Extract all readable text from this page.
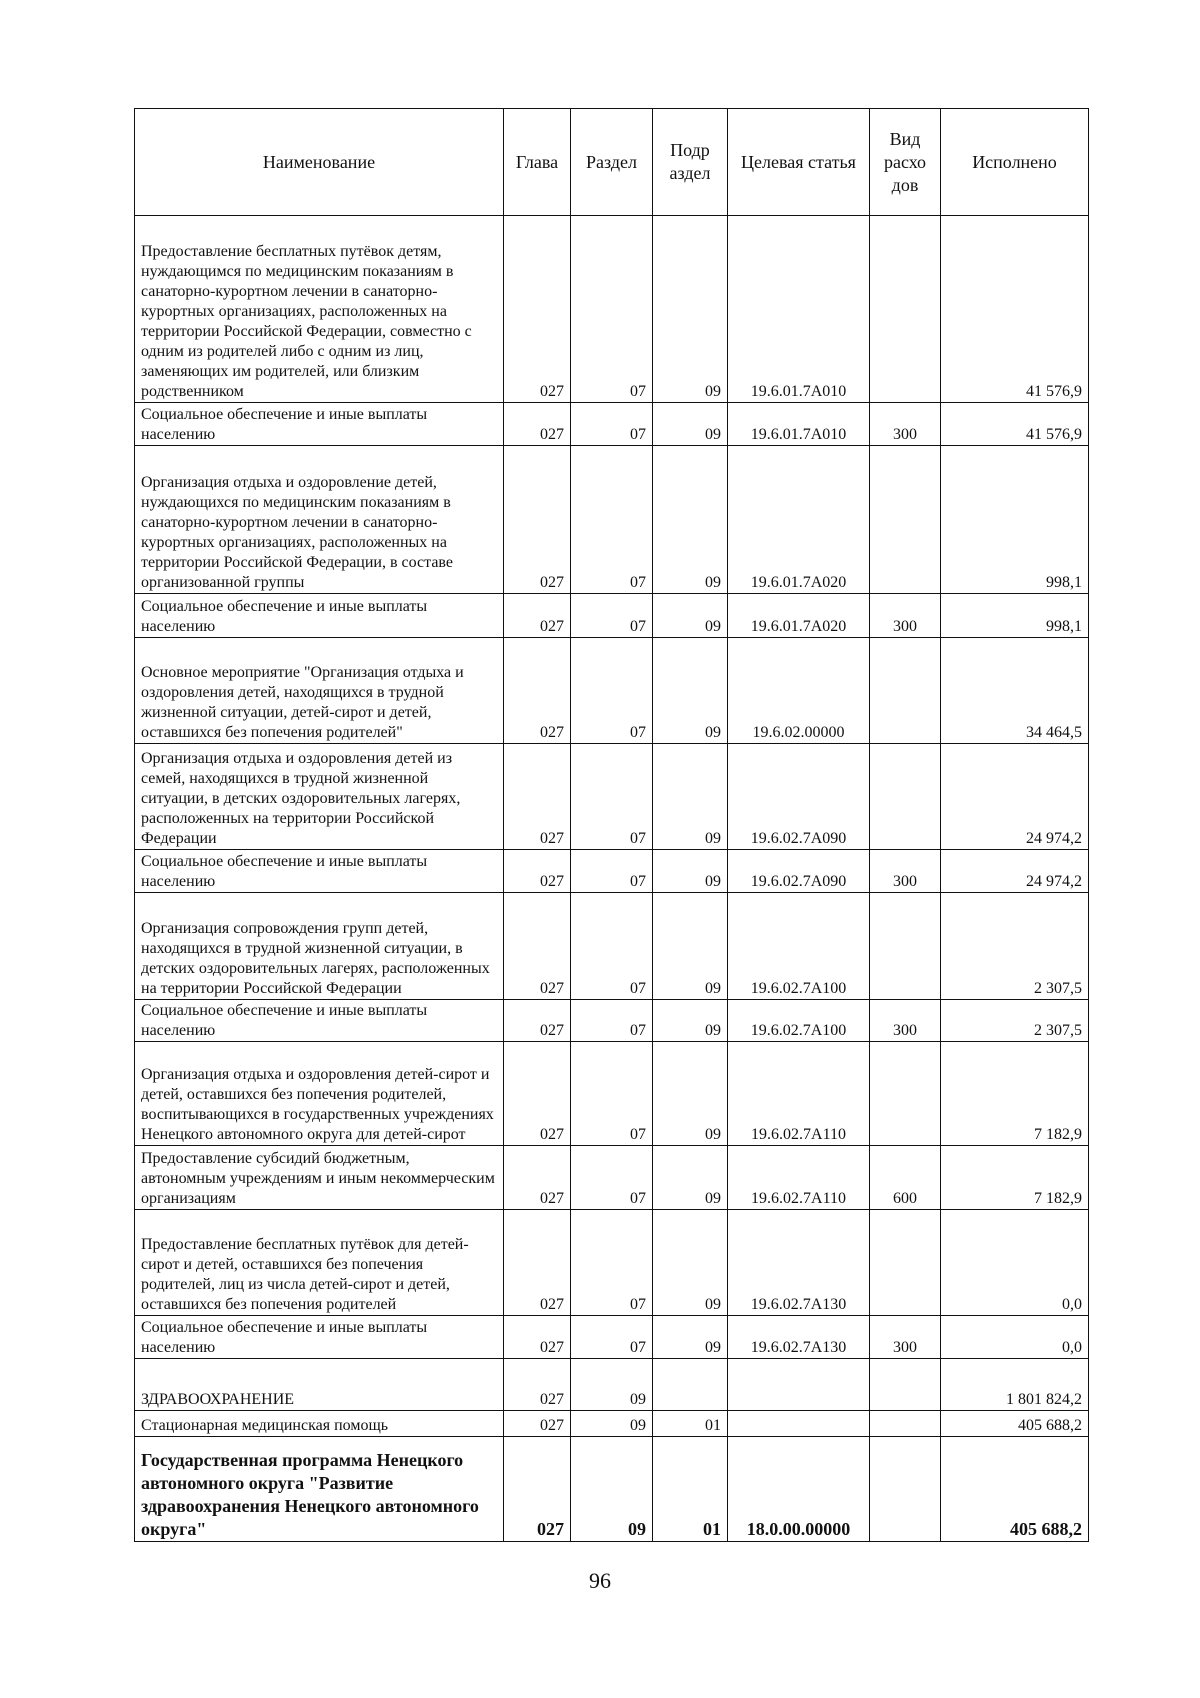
Наименование	Глава	Раздел	Подр аздел	Целевая статья	Вид расхо дов	Исполнено
Предоставление бесплатных путёвок детям, нуждающимся по медицинским показаниям в санаторно-курортном лечении в санаторно-курортных организациях, расположенных на территории Российской Федерации, совместно с одним из родителей либо с одним из лиц, заменяющих им родителей, или близким родственником	027	07	09	19.6.01.7А010		41 576,9
Социальное обеспечение и иные выплаты населению	027	07	09	19.6.01.7А010	300	41 576,9
Организация отдыха и оздоровление детей, нуждающихся по медицинским показаниям в санаторно-курортном лечении в санаторно-курортных организациях, расположенных на территории Российской Федерации, в составе организованной группы	027	07	09	19.6.01.7А020		998,1
Социальное обеспечение и иные выплаты населению	027	07	09	19.6.01.7А020	300	998,1
Основное мероприятие "Организация отдыха и оздоровления детей, находящихся в трудной жизненной ситуации, детей-сирот и детей, оставшихся без попечения родителей"	027	07	09	19.6.02.00000		34 464,5
Организация отдыха и оздоровления детей из семей, находящихся в трудной жизненной ситуации, в детских оздоровительных лагерях, расположенных на территории Российской Федерации	027	07	09	19.6.02.7А090		24 974,2
Социальное обеспечение и иные выплаты населению	027	07	09	19.6.02.7А090	300	24 974,2
Организация сопровождения групп детей, находящихся в трудной жизненной ситуации, в детских оздоровительных лагерях, расположенных на территории Российской Федерации	027	07	09	19.6.02.7А100		2 307,5
Социальное обеспечение и иные выплаты населению	027	07	09	19.6.02.7А100	300	2 307,5
Организация отдыха и оздоровления детей-сирот и детей, оставшихся без попечения родителей, воспитывающихся в государственных учреждениях Ненецкого автономного округа для детей-сирот	027	07	09	19.6.02.7А110		7 182,9
Предоставление субсидий бюджетным, автономным учреждениям и иным некоммерческим организациям	027	07	09	19.6.02.7А110	600	7 182,9
Предоставление бесплатных путёвок для детей-сирот и детей, оставшихся без попечения родителей, лиц из числа детей-сирот и детей, оставшихся без попечения родителей	027	07	09	19.6.02.7А130		0,0
Социальное обеспечение и иные выплаты населению	027	07	09	19.6.02.7А130	300	0,0
ЗДРАВООХРАНЕНИЕ	027	09				1 801 824,2
Стационарная медицинская помощь	027	09	01			405 688,2
Государственная программа Ненецкого автономного округа "Развитие здравоохранения Ненецкого автономного округа"	027	09	01	18.0.00.00000		405 688,2
96
